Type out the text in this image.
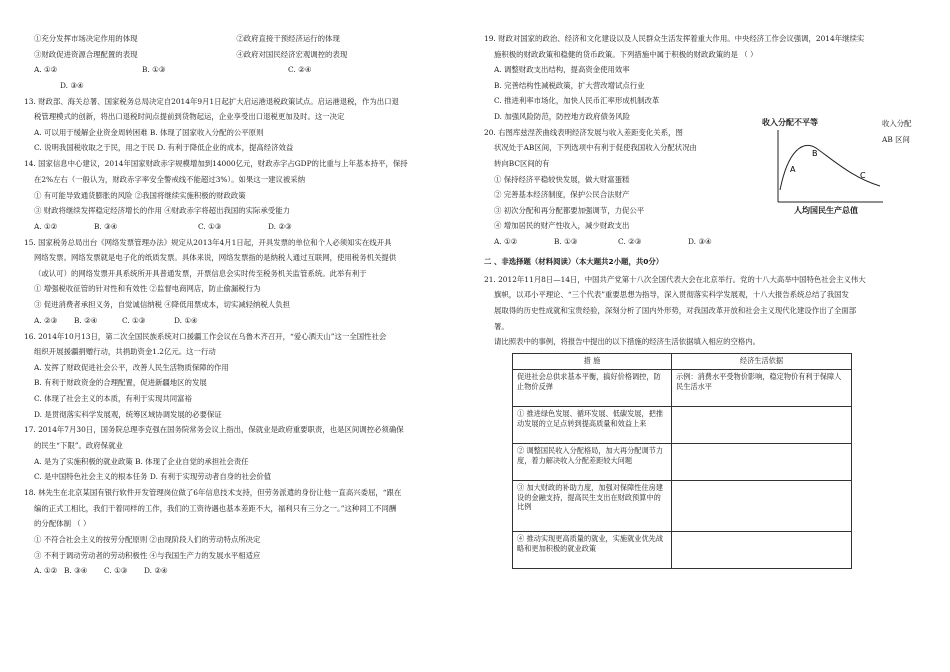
①充分发挥市场决定作用的体现	②政府直接干预经济运行的体现
③财政促进资源合理配置的表现	④政府对国民经济宏观调控的表现
A. ①②	B. ①③	C. ②④
D. ③④
13. 财政部、海关总署、国家税务总局决定自2014年9月1日起扩大启运港退税政策试点。启运港退税，作为出口退
税管理模式的创新，将出口退税时间点提前到货物起运，企业享受出口退税更加及时。这一决定
A. 可以用于缓解企业资金周转困难 B. 体现了国家收入分配的公平原则
C. 说明我国税收取之于民，用之于民 D. 有利于降低企业的成本，提高经济效益
14. 国家信息中心建议，2014年国家财政赤字规模增加到14000亿元，财政赤字占GDP的比重与上年基本持平，保持
在2%左右（一般认为，财政赤字率安全警戒线不能超过3%）。如果这一建议被采纳
① 有可能导致通货膨胀的风险 ②我国将继续实施积极的财政政策
③ 财政将继续发挥稳定经济增长的作用 ④财政赤字将超出我国的实际承受能力
A. ①②	B. ③④	C. ①③	D. ②③
15. 国家税务总局出台《网络发票管理办法》规定从2013年4月1日起，开具发票的单位和个人必须知实在线开具
网络发票。网络发票就是电子化的纸质发票。具体来说，网络发票指的是纳税人通过互联网，使用税务机关提供
（或认可）的网络发票开具系统所开具普通发票，开票信息会实时传至税务机关监管系统。此举有利于
① 增强税收征管的针对性和有效性 ②监督电商网店，防止偷漏税行为
③ 促进消费者承担义务，自觉诚信纳税 ④降低用票成本，切实减轻纳税人负担
A. ②③	B. ②④	C. ①③	D. ①④
16. 2014年10月13日，第二次全国民族系统对口援疆工作会议在乌鲁木齐召开，“爱心洒天山”这一全国性社会
组织开展援疆捐赠行动，共捐助资金1.2亿元。这一行动
A. 发挥了财政促进社会公平，改善人民生活物质保障的作用
B. 有利于财政资金的合理配置，促进新疆地区的发展
C. 体现了社会主义的本质，有利于实现共同富裕
D. 是贯彻落实科学发展观，统筹区域协调发展的必要保证
17. 2014年7月30日，国务院总理李克强在国务院常务会议上指出，保就业是政府重要职责，也是区间调控必须确保
的民生“下限”。政府保就业
A. 是为了实施积极的就业政策 B. 体现了企业自觉的承担社会责任
C. 是中国特色社会主义的根本任务 D. 有利于实现劳动者自身的社会价值
18. 林先生在北京某国有银行软件开发管理岗位做了6年信息技术支持，但劳务派遣的身份让他一直高兴委屈，“跟在
编的正式工相比，我们干着同样的工作，我们的工资待遇也基本差距不大，福利只有三分之一。”这种同工不同酬
的分配体制 （ ）
① 不符合社会主义的按劳分配原则 ②由现阶段人们的劳动特点所决定
③ 不利于调动劳动者的劳动积极性 ④与我国生产力的发展水平相适应
A. ①② B. ③④	C. ①③	D. ②④
19. 财政对国家的政治、经济和文化建设以及人民群众生活发挥着重大作用。中央经济工作会议强调，2014年继续实
施积极的财政政策和稳健的货币政策。下列措施中属于积极的财政政策的是 （ ）
A. 调整财政支出结构，提高资金使用效率
B. 完善结构性减税政策，扩大营改增试点行业
C. 推进利率市场化，加快人民币汇率形成机制改革
D. 加强风险防范，防控地方政府债务风险
20. 右图库兹涅茨曲线表明经济发展与收入差距变化关系，图
状况处于AB区间，下列选项中有利于促使我国收入分配状况由
转向BC区间的有
① 保持经济平稳较快发展，做大财富蛋糕
② 完善基本经济制度，保护公民合法财产
③ 初次分配和再分配都要加强调节，力促公平
④ 增加居民的财产性收入，减少财政支出
A. ①②	B. ①③	C. ②③	D. ③④
二 、非选择题（材料阅读）（本大题共2小题，共0分）
21. 2012年11月8日—14日，中国共产党第十八次全国代表大会在北京举行。党的十八大高举中国特色社会主义伟大
旗帜，以邓小平理论、“三个代表”重要思想为指导，深入贯彻落实科学发展观，十八大报告系统总结了我国发
展取得的历史性成就和宝贵经验，深刻分析了国内外形势，对我国改革开放和社会主义现代化建设作出了全面部
署。
请比照表中的事例，将报告中提出的以下措施的经济生活依据填入相应的空格内。
措 施	经济生活依据
促进社会总供求基本平衡，搞好价格调控，防止物价反弹	示例：消费水平受物价影响，稳定物价有利于保障人民生活水平
① 推进绿色发展、循环发展、低碳发展，把推动发展的立足点转到提高质量和效益上来	
② 调整国民收入分配格局，加大再分配调节力度，着力解决收入分配差距较大问题	
③ 加大财政的补助力度，加强对保障性住房建设的金融支持，提高民生支出在财政预算中的比例	
④ 推动实现更高质量的就业，实施就业优先战略和更加积极的就业政策	
收入分配
AB 区间
A
B
C
收入分配不平等
人均国民生产总值
